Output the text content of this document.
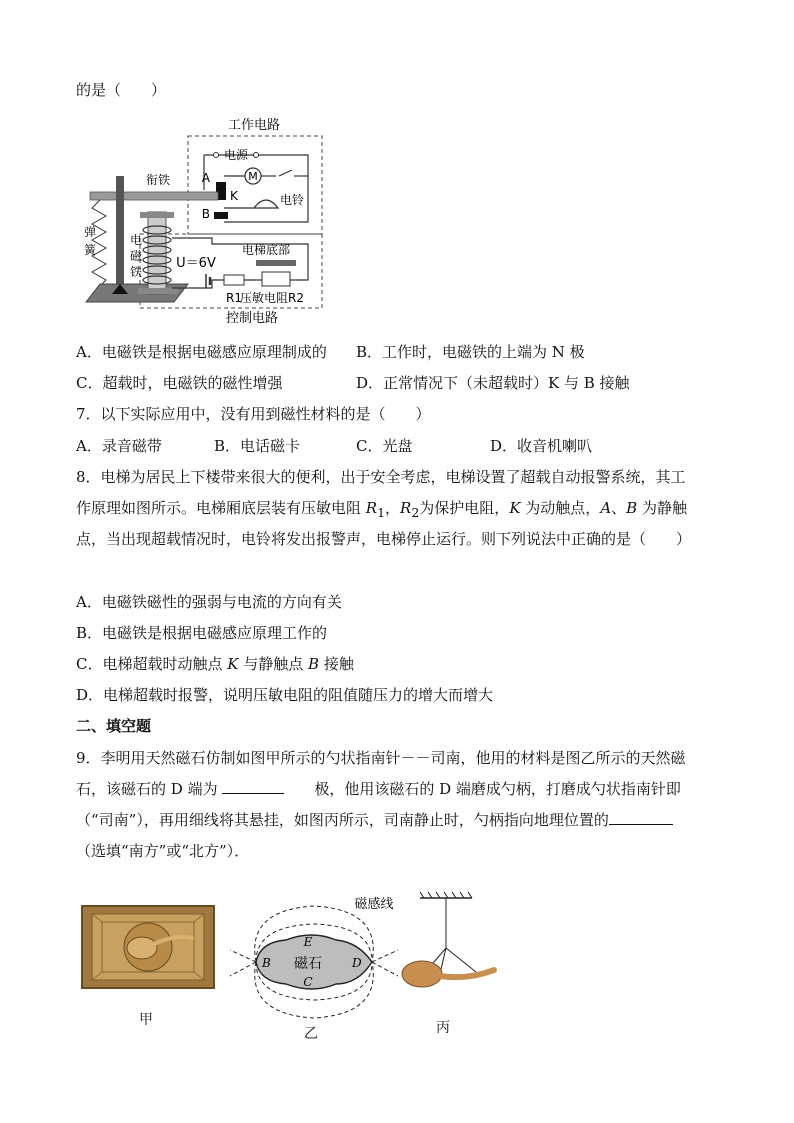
的是（　　）
工作电路
控制电路
电源
M
电铃
A
K
B
衔铁
弹
簧
电
磁
铁
U＝6V
R1
电梯底部
压敏电阻R2
A．电磁铁是根据电磁感应原理制成的 B．工作时，电磁铁的上端为 N 极
C．超载时，电磁铁的磁性增强	D．正常情况下（未超载时）K 与 B 接触
7．以下实际应用中，没有用到磁性材料的是（　　）
A．录音磁带	B．电话磁卡	C．光盘	D．收音机喇叭
8．电梯为居民上下楼带来很大的便利，出于安全考虑，电梯设置了超载自动报警系统，其工
作原理如图所示。电梯厢底层装有压敏电阻 $R_1$，$R_2$为保护电阻，K 为动触点，A、B 为静触
点，当出现超载情况时，电铃将发出报警声，电梯停止运行。则下列说法中正确的是（　　）
A．电磁铁磁性的强弱与电流的方向有关
B．电磁铁是根据电磁感应原理工作的
C．电梯超载时动触点 K 与静触点 B 接触
D．电梯超载时报警，说明压敏电阻的阻值随压力的增大而增大
二、填空题
9．李明用天然磁石仿制如图甲所示的勺状指南针－－司南，他用的材料是图乙所示的天然磁
石，该磁石的 D 端为	　　极，他用该磁石的 D 端磨成勺柄，打磨成勺状指南针即
（“司南”），再用细线将其悬挂，如图丙所示，司南静止时，勺柄指向地理位置的
（选填“南方”或“北方”）．
甲
磁感线
磁石
E
C
B	D
乙	丙
